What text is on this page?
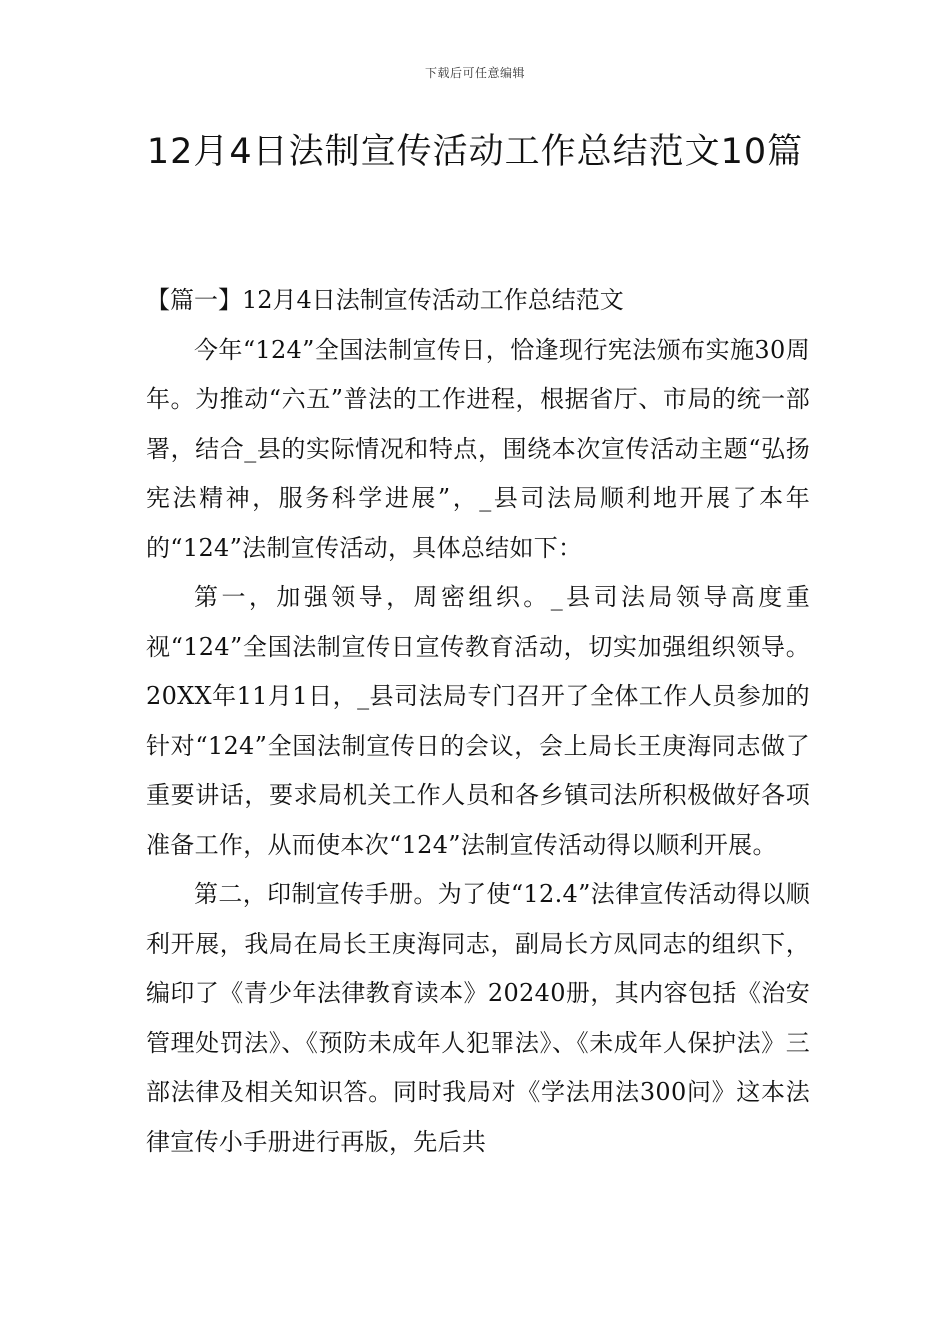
下载后可任意编辑
12月4日法制宣传活动工作总结范文10篇

【篇一】12月4日法制宣传活动工作总结范文

今年“124”全国法制宣传日，恰逢现行宪法颁布实施30周年。为推动“六五”普法的工作进程，根据省厅、市局的统一部署，结合_县的实际情况和特点，围绕本次宣传活动主题“弘扬宪法精神，服务科学进展”，_县司法局顺利地开展了本年的“124”法制宣传活动，具体总结如下：

第一，加强领导，周密组织。_县司法局领导高度重视“124”全国法制宣传日宣传教育活动，切实加强组织领导。20XX年11月1日，_县司法局专门召开了全体工作人员参加的针对“124”全国法制宣传日的会议，会上局长王庚海同志做了重要讲话，要求局机关工作人员和各乡镇司法所积极做好各项准备工作，从而使本次“124”法制宣传活动得以顺利开展。

第二，印制宣传手册。为了使“12.4”法律宣传活动得以顺利开展，我局在局长王庚海同志，副局长方凤同志的组织下，编印了《青少年法律教育读本》20240册，其内容包括《治安管理处罚法》、《预防未成年人犯罪法》、《未成年人保护法》三部法律及相关知识答。同时我局对《学法用法300问》这本法律宣传小手册进行再版，先后共
